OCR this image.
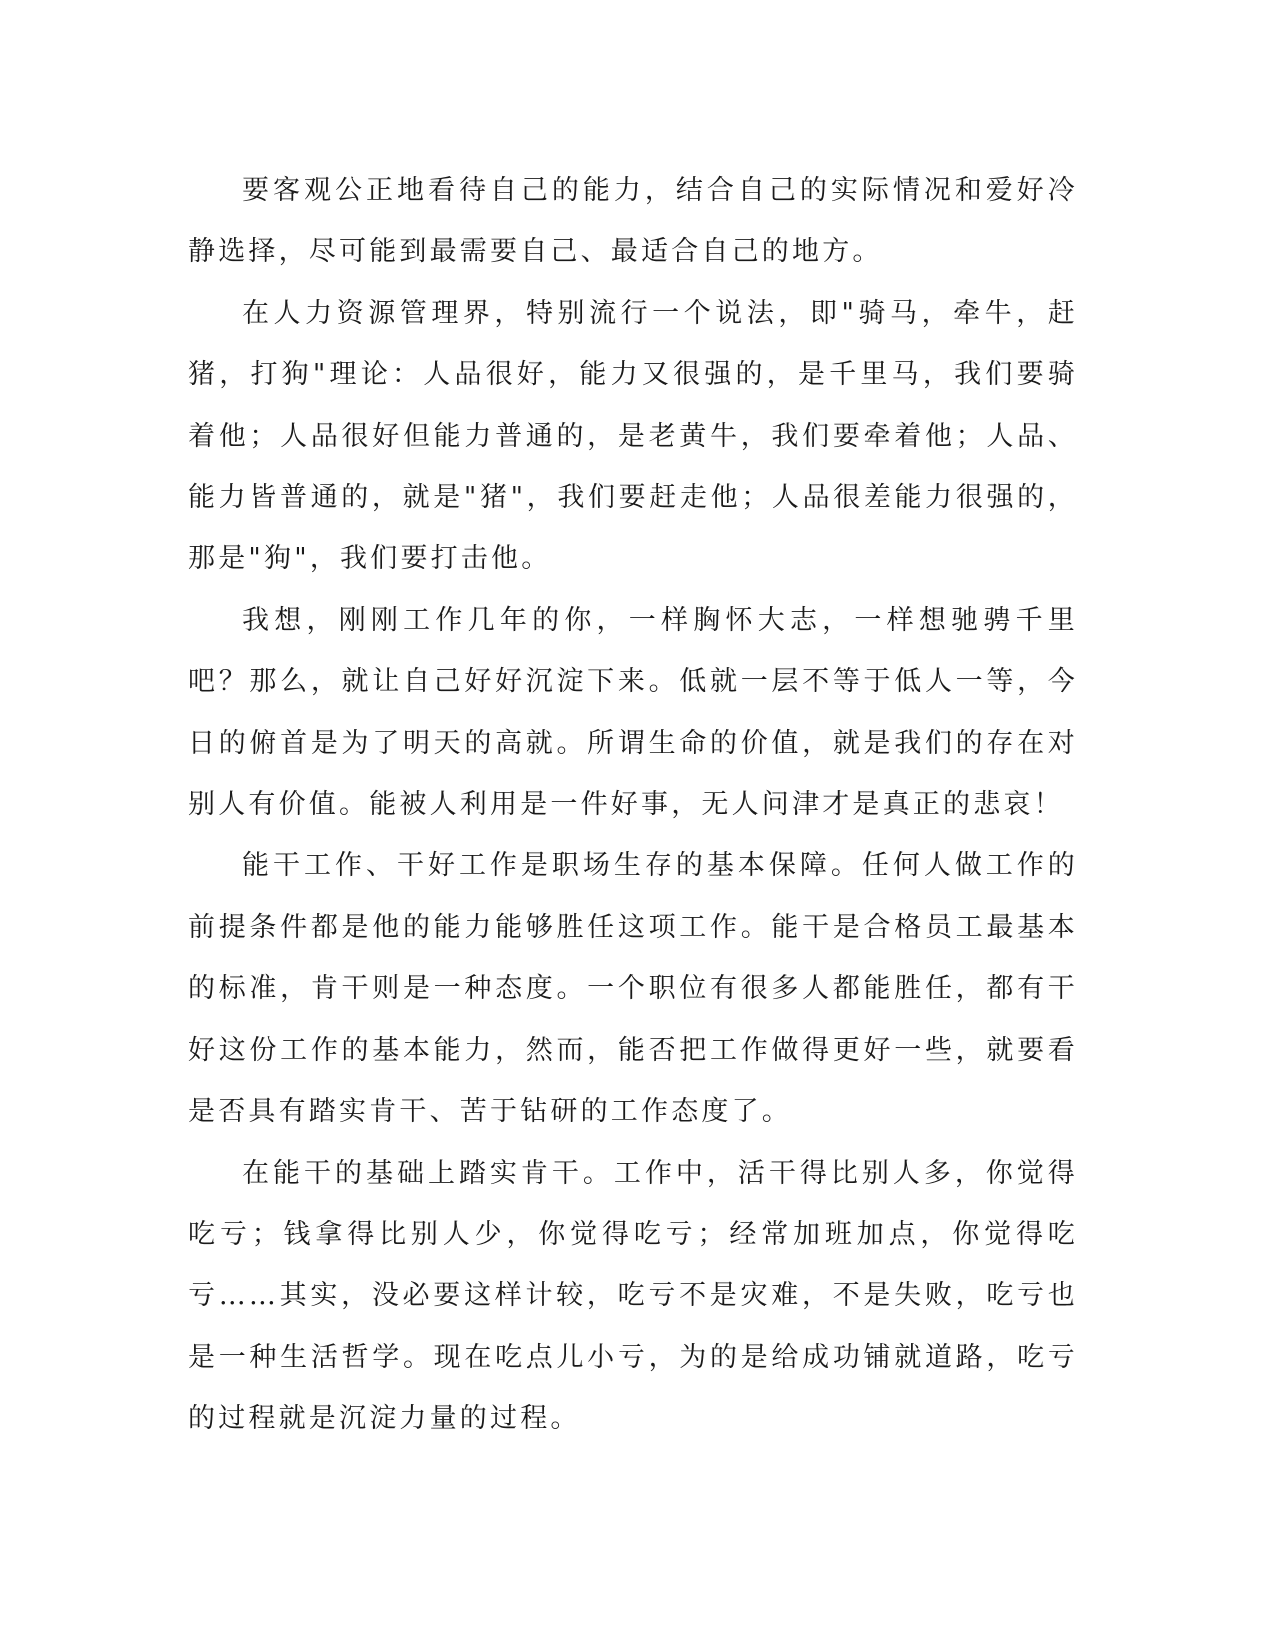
要客观公正地看待自己的能力，结合自己的实际情况和爱好冷静选择，尽可能到最需要自己、最适合自己的地方。

在人力资源管理界，特别流行一个说法，即"骑马，牵牛，赶猪，打狗"理论：人品很好，能力又很强的，是千里马，我们要骑着他；人品很好但能力普通的，是老黄牛，我们要牵着他；人品、能力皆普通的，就是"猪"，我们要赶走他；人品很差能力很强的，那是"狗"，我们要打击他。

我想，刚刚工作几年的你，一样胸怀大志，一样想驰骋千里吧？那么，就让自己好好沉淀下来。低就一层不等于低人一等，今日的俯首是为了明天的高就。所谓生命的价值，就是我们的存在对别人有价值。能被人利用是一件好事，无人问津才是真正的悲哀！

能干工作、干好工作是职场生存的基本保障。任何人做工作的前提条件都是他的能力能够胜任这项工作。能干是合格员工最基本的标准，肯干则是一种态度。一个职位有很多人都能胜任，都有干好这份工作的基本能力，然而，能否把工作做得更好一些，就要看是否具有踏实肯干、苦于钻研的工作态度了。

在能干的基础上踏实肯干。工作中，活干得比别人多，你觉得吃亏；钱拿得比别人少，你觉得吃亏；经常加班加点，你觉得吃亏……其实，没必要这样计较，吃亏不是灾难，不是失败，吃亏也是一种生活哲学。现在吃点儿小亏，为的是给成功铺就道路，吃亏的过程就是沉淀力量的过程。
